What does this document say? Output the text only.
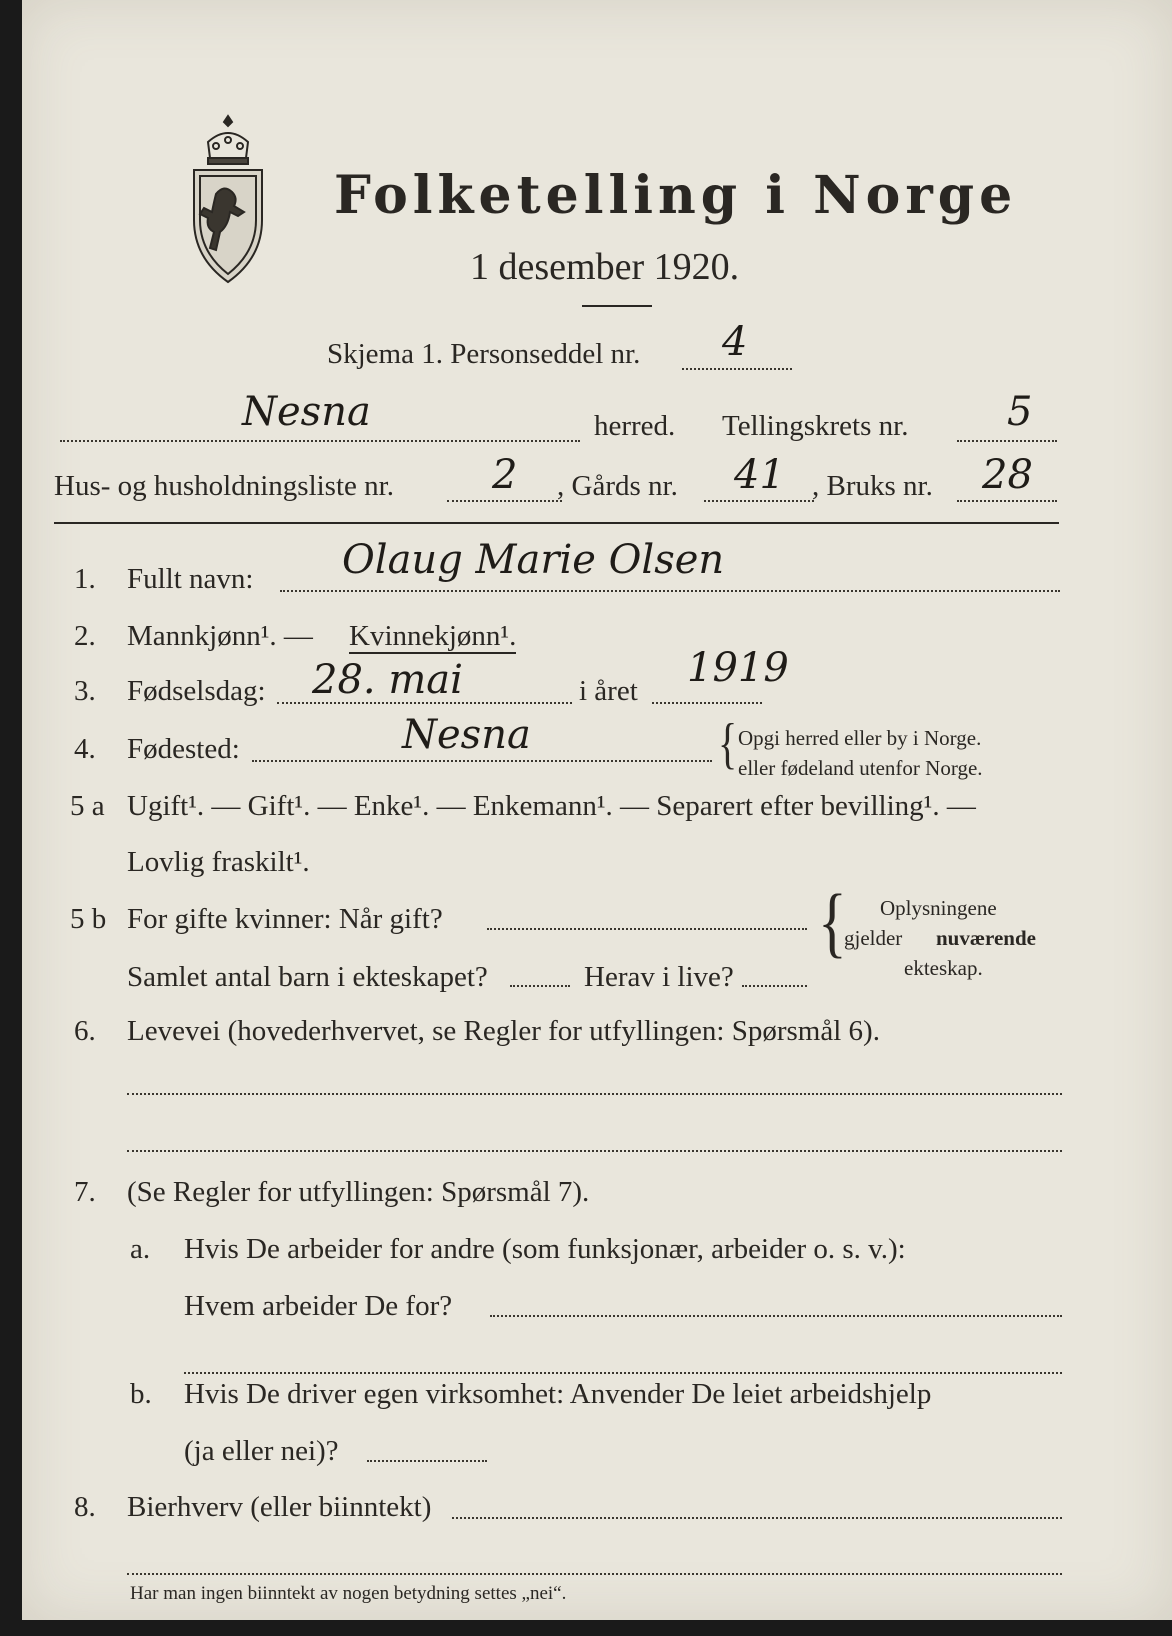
Folketelling i Norge
1 desember 1920.
Skjema 1. Personseddel nr. 4
Nesna	herred. Tellingskrets nr. 5
Hus- og husholdningsliste nr. 2 , Gårds nr. 41 , Bruks nr. 28
1. Fullt navn: Olaug Marie Olsen
2. Mannkjønn¹. — Kvinnekjønn¹.
3. Fødselsdag: 28. mai	i året 1919
4. Fødested:	Nesna	{ Opgi herred eller by i Norge.
eller fødeland utenfor Norge.
5 a Ugift¹. — Gift¹. — Enke¹. — Enkemann¹. — Separert efter bevilling¹. —
Lovlig fraskilt¹.
5 b For gifte kvinner: Når gift?
Samlet antal barn i ekteskapet?	Herav i live?
{ Oplysningene
gjelder nuværende
ekteskap.
6. Levevei (hovederhvervet, se Regler for utfyllingen: Spørsmål 6).
7. (Se Regler for utfyllingen: Spørsmål 7).
a. Hvis De arbeider for andre (som funksjonær, arbeider o. s. v.):
Hvem arbeider De for?
b. Hvis De driver egen virksomhet: Anvender De leiet arbeidshjelp
(ja eller nei)?
8. Bierhverv (eller biinntekt)
Har man ingen biinntekt av nogen betydning settes „nei“.
